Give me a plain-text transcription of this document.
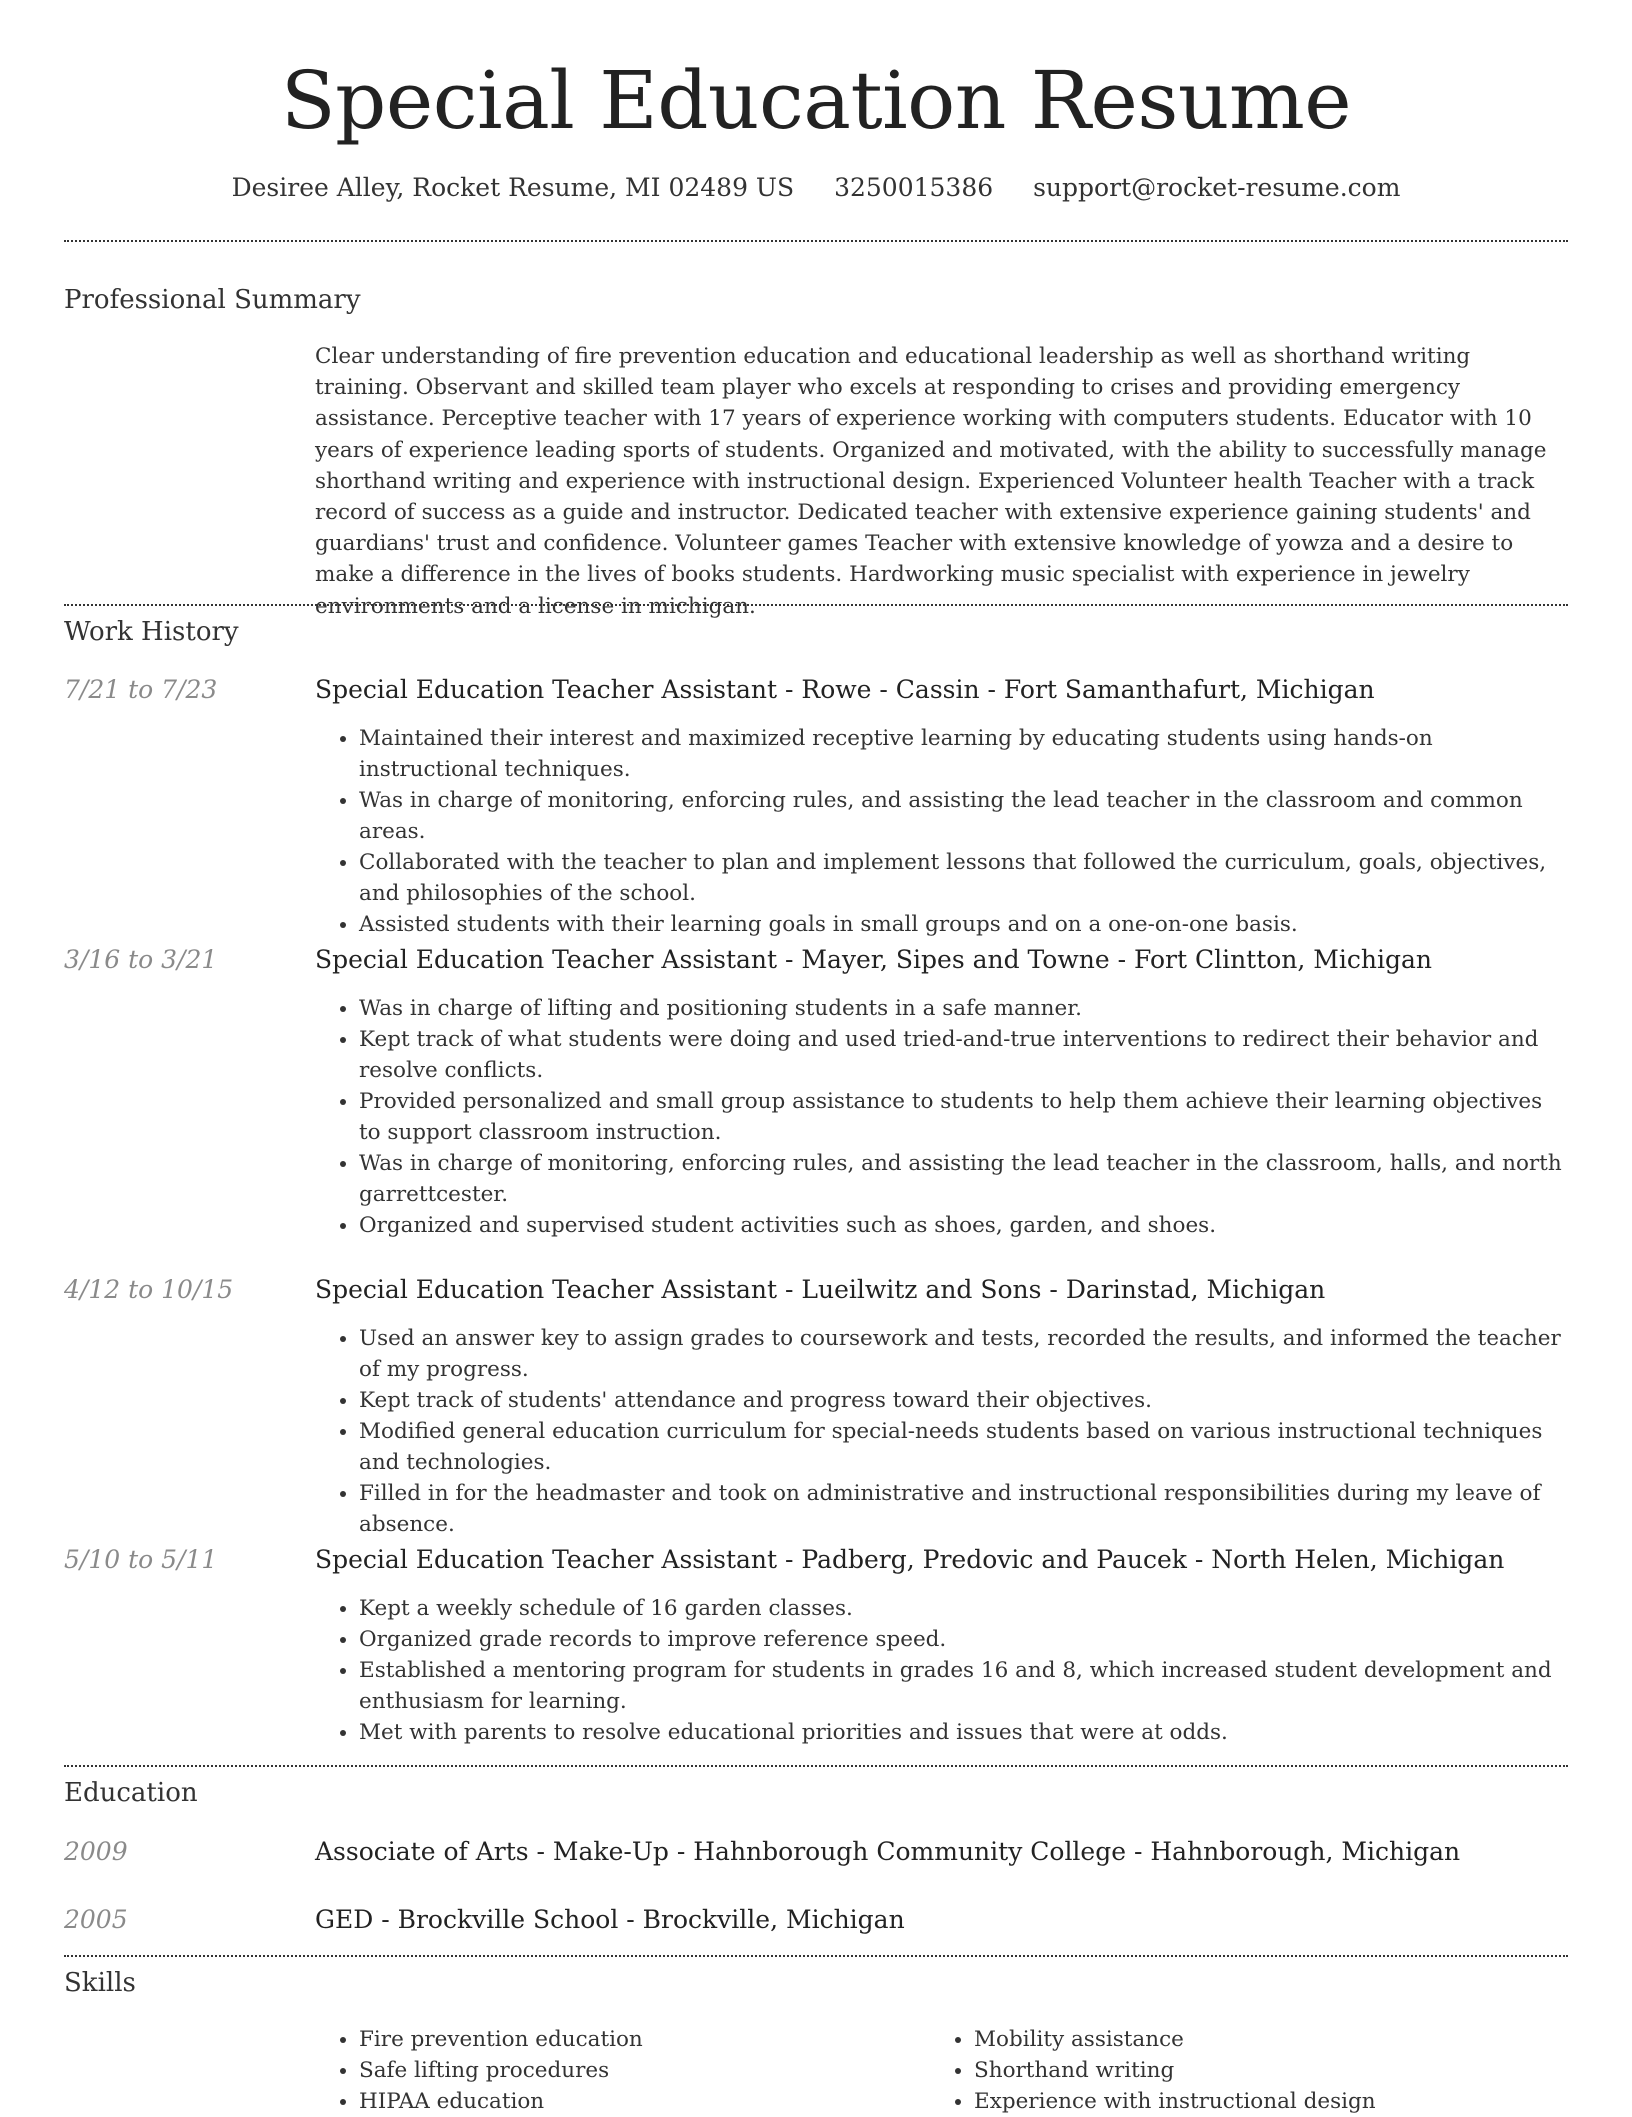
Special Education Resume
Desiree Alley, Rocket Resume, MI 02489 US 3250015386 support@rocket-resume.com
Professional Summary

Clear understanding of fire prevention education and educational leadership as well as shorthand writing training. Observant and skilled team player who excels at responding to crises and providing emergency assistance. Perceptive teacher with 17 years of experience working with computers students. Educator with 10 years of experience leading sports of students. Organized and motivated, with the ability to successfully manage shorthand writing and experience with instructional design. Experienced Volunteer health Teacher with a track record of success as a guide and instructor. Dedicated teacher with extensive experience gaining students' and guardians' trust and confidence. Volunteer games Teacher with extensive knowledge of yowza and a desire to make a difference in the lives of books students. Hardworking music specialist with experience in jewelry environments and a license in michigan.

Work History
7/21 to 7/23	Special Education Teacher Assistant - Rowe - Cassin - Fort Samanthafurt, Michigan
• Maintained their interest and maximized receptive learning by educating students using hands-on instructional techniques.
• Was in charge of monitoring, enforcing rules, and assisting the lead teacher in the classroom and common areas.
• Collaborated with the teacher to plan and implement lessons that followed the curriculum, goals, objectives, and philosophies of the school.
• Assisted students with their learning goals in small groups and on a one-on-one basis.
3/16 to 3/21	Special Education Teacher Assistant - Mayer, Sipes and Towne - Fort Clintton, Michigan
• Was in charge of lifting and positioning students in a safe manner.
• Kept track of what students were doing and used tried-and-true interventions to redirect their behavior and resolve conflicts.
• Provided personalized and small group assistance to students to help them achieve their learning objectives to support classroom instruction.
• Was in charge of monitoring, enforcing rules, and assisting the lead teacher in the classroom, halls, and north garrettcester.
• Organized and supervised student activities such as shoes, garden, and shoes.
4/12 to 10/15	Special Education Teacher Assistant - Lueilwitz and Sons - Darinstad, Michigan
• Used an answer key to assign grades to coursework and tests, recorded the results, and informed the teacher of my progress.
• Kept track of students' attendance and progress toward their objectives.
• Modified general education curriculum for special-needs students based on various instructional techniques and technologies.
• Filled in for the headmaster and took on administrative and instructional responsibilities during my leave of absence.
5/10 to 5/11	Special Education Teacher Assistant - Padberg, Predovic and Paucek - North Helen, Michigan
• Kept a weekly schedule of 16 garden classes.
• Organized grade records to improve reference speed.
• Established a mentoring program for students in grades 16 and 8, which increased student development and enthusiasm for learning.
• Met with parents to resolve educational priorities and issues that were at odds.
Education
2009	Associate of Arts - Make-Up - Hahnborough Community College - Hahnborough, Michigan
2005	GED - Brockville School - Brockville, Michigan
Skills
• Fire prevention education
• Safe lifting procedures
• HIPAA education
• Mobility assistance
• Shorthand writing
• Experience with instructional design
